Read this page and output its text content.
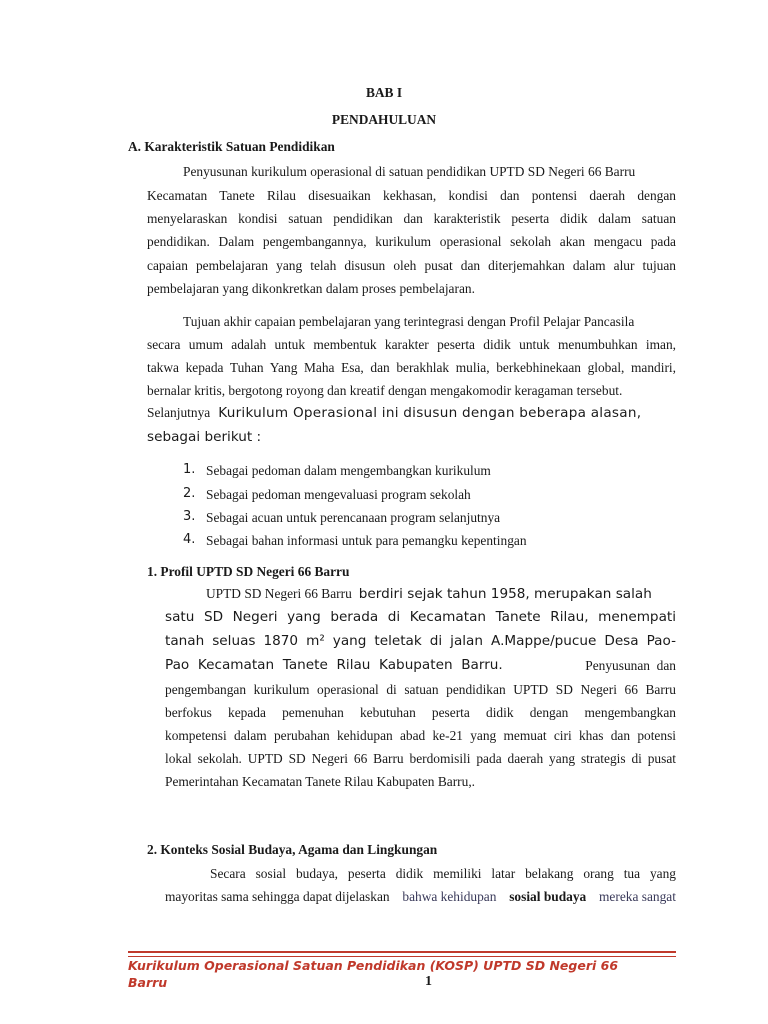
BAB I
PENDAHULUAN
A. Karakteristik Satuan Pendidikan
Penyusunan kurikulum operasional di satuan pendidikan UPTD SD Negeri 66 Barru
Kecamatan Tanete Rilau disesuaikan kekhasan, kondisi dan pontensi daerah dengan
menyelaraskan kondisi satuan pendidikan dan karakteristik peserta didik dalam satuan
pendidikan. Dalam pengembangannya, kurikulum operasional sekolah akan mengacu pada
capaian pembelajaran yang telah disusun oleh pusat dan diterjemahkan dalam alur tujuan
pembelajaran yang dikonkretkan dalam proses pembelajaran.
Tujuan akhir capaian pembelajaran yang terintegrasi dengan Profil Pelajar Pancasila
secara umum adalah untuk membentuk karakter peserta didik untuk menumbuhkan iman,
takwa kepada Tuhan Yang Maha Esa, dan berakhlak mulia, berkebhinekaan global, mandiri,
bernalar kritis, bergotong royong dan kreatif dengan mengakomodir keragaman tersebut.
Selanjutnya Kurikulum Operasional ini disusun dengan beberapa alasan,
sebagai berikut :
1. Sebagai pedoman dalam mengembangkan kurikulum
2. Sebagai pedoman mengevaluasi program sekolah
3. Sebagai acuan untuk perencanaan program selanjutnya
4. Sebagai bahan informasi untuk para pemangku kepentingan
1. Profil UPTD SD Negeri 66 Barru
UPTD SD Negeri 66 Barru berdiri sejak tahun 1958, merupakan salah
satu SD Negeri yang berada di Kecamatan Tanete Rilau, menempati
tanah seluas 1870 m² yang teletak di jalan A.Mappe/pucue Desa Pao-
Pao  Kecamatan  Tanete  Rilau  Kabupaten  Barru.	Penyusunan  dan
pengembangan kurikulum operasional di satuan pendidikan UPTD SD Negeri 66 Barru
berfokus kepada pemenuhan kebutuhan peserta didik dengan mengembangkan
kompetensi dalam perubahan kehidupan abad ke-21 yang memuat ciri khas dan potensi
lokal sekolah. UPTD SD Negeri 66 Barru berdomisili pada daerah yang strategis di pusat
Pemerintahan Kecamatan Tanete Rilau Kabupaten Barru,.
2. Konteks Sosial Budaya, Agama dan Lingkungan
Secara sosial budaya, peserta didik memiliki latar belakang orang tua yang
mayoritas sama sehingga dapat dijelaskan bahwa kehidupan sosial budaya mereka sangat
Kurikulum Operasional Satuan Pendidikan (KOSP) UPTD SD Negeri 66
Barru	1
